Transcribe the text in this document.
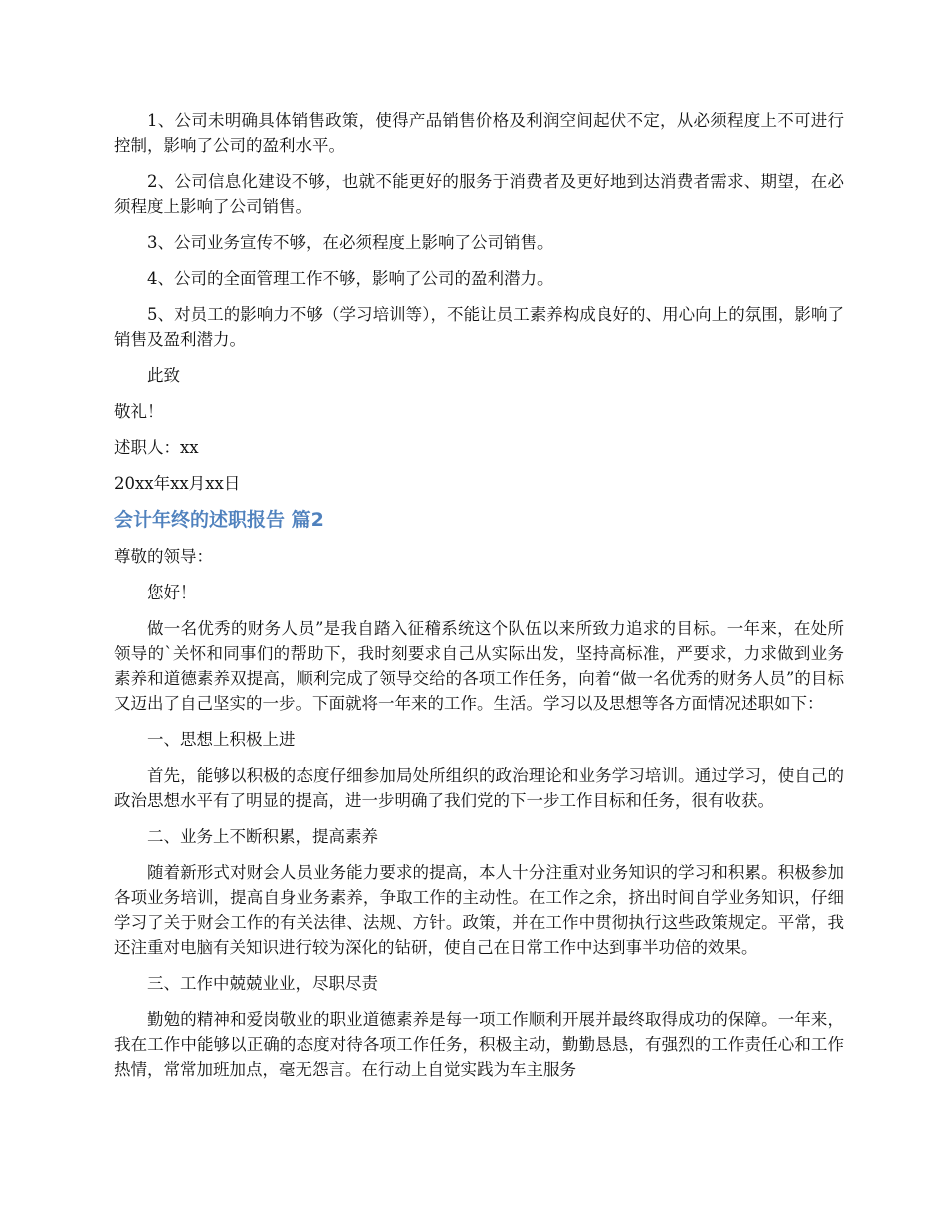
1、公司未明确具体销售政策，使得产品销售价格及利润空间起伏不定，从必须程度上不可进行控制，影响了公司的盈利水平。

2、公司信息化建设不够，也就不能更好的服务于消费者及更好地到达消费者需求、期望，在必须程度上影响了公司销售。

3、公司业务宣传不够，在必须程度上影响了公司销售。

4、公司的全面管理工作不够，影响了公司的盈利潜力。

5、对员工的影响力不够（学习培训等），不能让员工素养构成良好的、用心向上的氛围，影响了销售及盈利潜力。

此致

敬礼！

述职人：xx

20xx年xx月xx日

会计年终的述职报告 篇2

尊敬的领导：

您好！

做一名优秀的财务人员”是我自踏入征稽系统这个队伍以来所致力追求的目标。一年来，在处所领导的`关怀和同事们的帮助下，我时刻要求自己从实际出发，坚持高标准，严要求，力求做到业务素养和道德素养双提高，顺利完成了领导交给的各项工作任务，向着“做一名优秀的财务人员”的目标又迈出了自己坚实的一步。下面就将一年来的工作。生活。学习以及思想等各方面情况述职如下：

一、思想上积极上进

首先，能够以积极的态度仔细参加局处所组织的政治理论和业务学习培训。通过学习，使自己的政治思想水平有了明显的提高，进一步明确了我们党的下一步工作目标和任务，很有收获。

二、业务上不断积累，提高素养

随着新形式对财会人员业务能力要求的提高，本人十分注重对业务知识的学习和积累。积极参加各项业务培训，提高自身业务素养，争取工作的主动性。在工作之余，挤出时间自学业务知识，仔细学习了关于财会工作的有关法律、法规、方针。政策，并在工作中贯彻执行这些政策规定。平常，我还注重对电脑有关知识进行较为深化的钻研，使自己在日常工作中达到事半功倍的效果。

三、工作中兢兢业业，尽职尽责

勤勉的精神和爱岗敬业的职业道德素养是每一项工作顺利开展并最终取得成功的保障。一年来，我在工作中能够以正确的态度对待各项工作任务，积极主动，勤勤恳恳，有强烈的工作责任心和工作热情，常常加班加点，毫无怨言。在行动上自觉实践为车主服务
